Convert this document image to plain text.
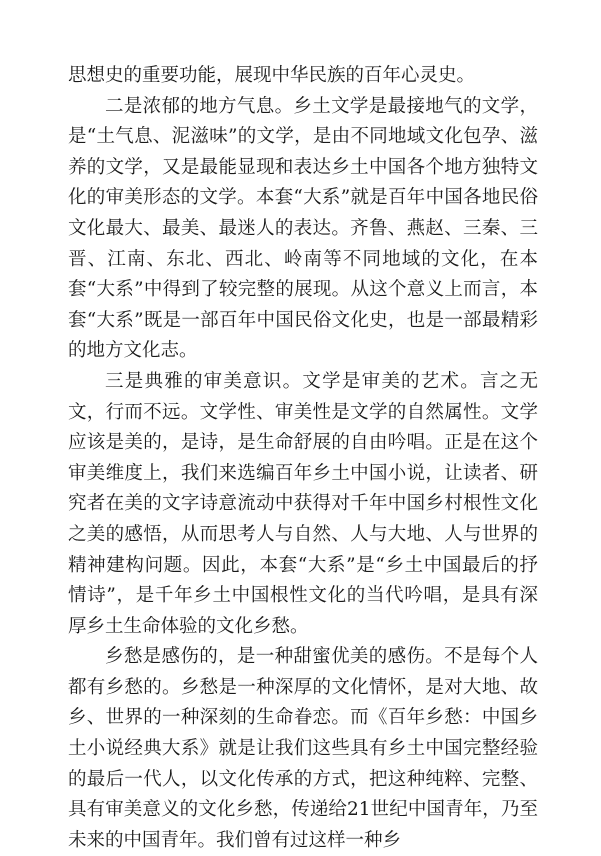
思想史的重要功能，展现中华民族的百年心灵史。

二是浓郁的地方气息。乡土文学是最接地气的文学，是“土气息、泥滋味”的文学，是由不同地域文化包孕、滋养的文学，又是最能显现和表达乡土中国各个地方独特文化的审美形态的文学。本套“大系”就是百年中国各地民俗文化最大、最美、最迷人的表达。齐鲁、燕赵、三秦、三晋、江南、东北、西北、岭南等不同地域的文化，在本套“大系”中得到了较完整的展现。从这个意义上而言，本套“大系”既是一部百年中国民俗文化史，也是一部最精彩的地方文化志。

三是典雅的审美意识。文学是审美的艺术。言之无文，行而不远。文学性、审美性是文学的自然属性。文学应该是美的，是诗，是生命舒展的自由吟唱。正是在这个审美维度上，我们来选编百年乡土中国小说，让读者、研究者在美的文字诗意流动中获得对千年中国乡村根性文化之美的感悟，从而思考人与自然、人与大地、人与世界的精神建构问题。因此，本套“大系”是“乡土中国最后的抒情诗”，是千年乡土中国根性文化的当代吟唱，是具有深厚乡土生命体验的文化乡愁。

乡愁是感伤的，是一种甜蜜优美的感伤。不是每个人都有乡愁的。乡愁是一种深厚的文化情怀，是对大地、故乡、世界的一种深刻的生命眷恋。而《百年乡愁：中国乡土小说经典大系》就是让我们这些具有乡土中国完整经验的最后一代人，以文化传承的方式，把这种纯粹、完整、具有审美意义的文化乡愁，传递给21世纪中国青年，乃至未来的中国青年。我们曾有过这样一种乡
